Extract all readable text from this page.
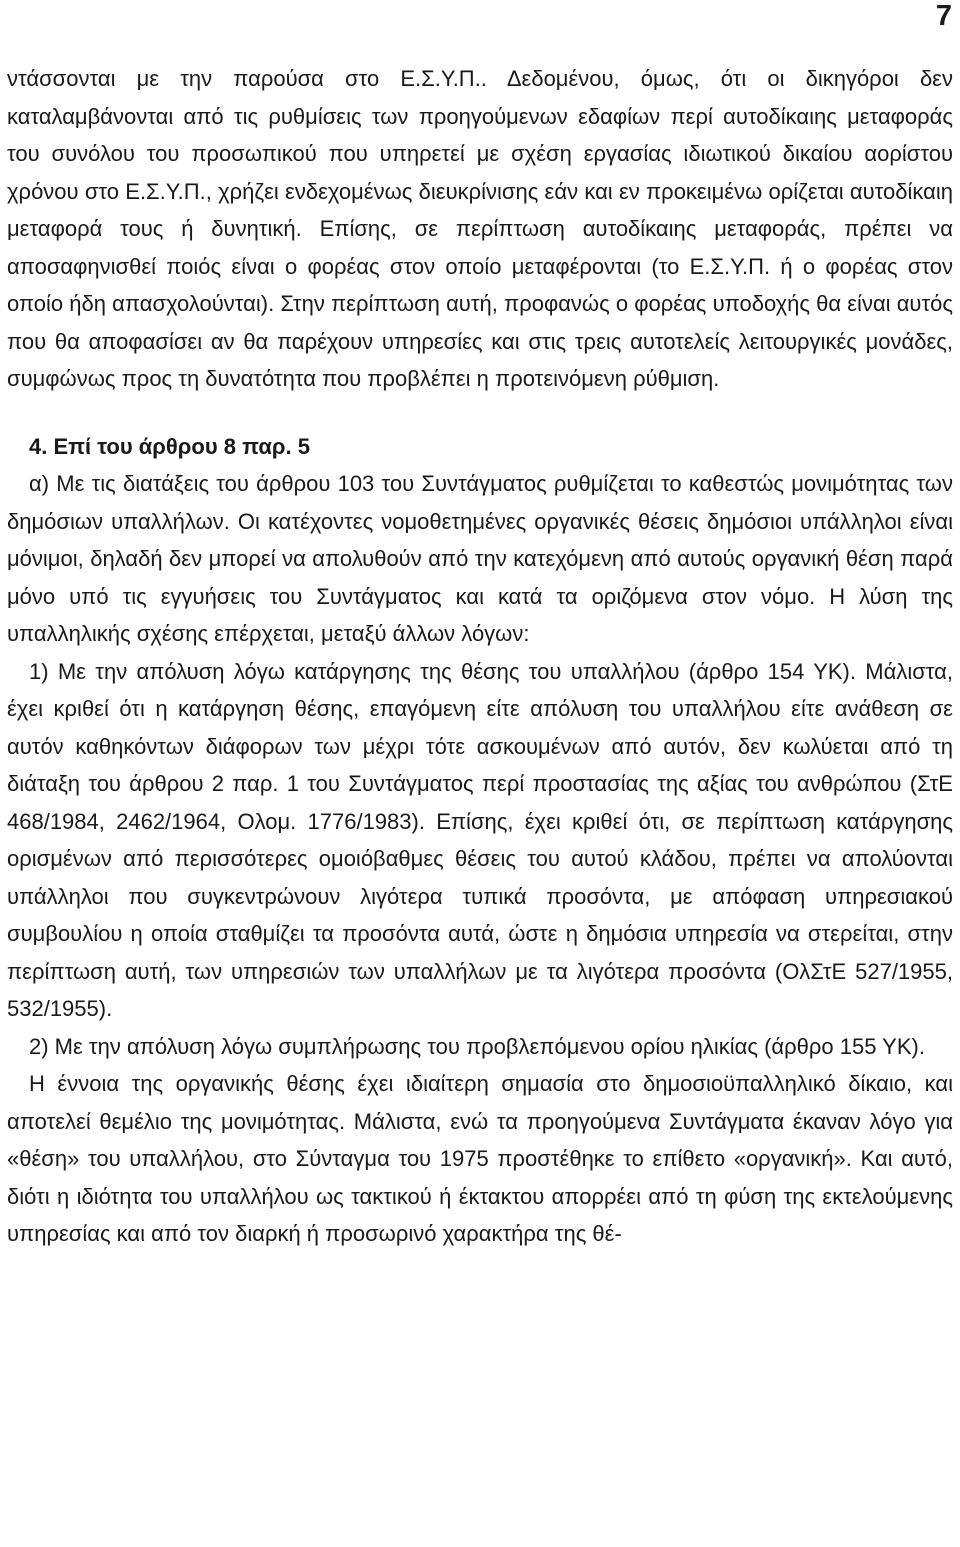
7

ντάσσονται με την παρούσα στο Ε.Σ.Υ.Π.. Δεδομένου, όμως, ότι οι δικηγόροι δεν καταλαμβάνονται από τις ρυθμίσεις των προηγούμενων εδαφίων περί αυτοδίκαιης μεταφοράς του συνόλου του προσωπικού που υπηρετεί με σχέση εργασίας ιδιωτικού δικαίου αορίστου χρόνου στο Ε.Σ.Υ.Π., χρήζει ενδεχομένως διευκρίνισης εάν και εν προκειμένω ορίζεται αυτοδίκαιη μεταφορά τους ή δυνητική. Επίσης, σε περίπτωση αυτοδίκαιης μεταφοράς, πρέπει να αποσαφηνισθεί ποιός είναι ο φορέας στον οποίο μεταφέρονται (το Ε.Σ.Υ.Π. ή ο φορέας στον οποίο ήδη απασχολούνται). Στην περίπτωση αυτή, προφανώς ο φορέας υποδοχής θα είναι αυτός που θα αποφασίσει αν θα παρέχουν υπηρεσίες και στις τρεις αυτοτελείς λειτουργικές μονάδες, συμφώνως προς τη δυνατότητα που προβλέπει η προτεινόμενη ρύθμιση.

4. Επί του άρθρου 8 παρ. 5

α) Με τις διατάξεις του άρθρου 103 του Συντάγματος ρυθμίζεται το καθεστώς μονιμότητας των δημόσιων υπαλλήλων. Οι κατέχοντες νομοθετημένες οργανικές θέσεις δημόσιοι υπάλληλοι είναι μόνιμοι, δηλαδή δεν μπορεί να απολυθούν από την κατεχόμενη από αυτούς οργανική θέση παρά μόνο υπό τις εγγυήσεις του Συντάγματος και κατά τα οριζόμενα στον νόμο. Η λύση της υπαλληλικής σχέσης επέρχεται, μεταξύ άλλων λόγων:

1) Με την απόλυση λόγω κατάργησης της θέσης του υπαλλήλου (άρθρο 154 ΥΚ). Μάλιστα, έχει κριθεί ότι η κατάργηση θέσης, επαγόμενη είτε απόλυση του υπαλλήλου είτε ανάθεση σε αυτόν καθηκόντων διάφορων των μέχρι τότε ασκουμένων από αυτόν, δεν κωλύεται από τη διάταξη του άρθρου 2 παρ. 1 του Συντάγματος περί προστασίας της αξίας του ανθρώπου (ΣτΕ 468/1984, 2462/1964, Ολομ. 1776/1983). Επίσης, έχει κριθεί ότι, σε περίπτωση κατάργησης ορισμένων από περισσότερες ομοιόβαθμες θέσεις του αυτού κλάδου, πρέπει να απολύονται υπάλληλοι που συγκεντρώνουν λιγότερα τυπικά προσόντα, με απόφαση υπηρεσιακού συμβουλίου η οποία σταθμίζει τα προσόντα αυτά, ώστε η δημόσια υπηρεσία να στερείται, στην περίπτωση αυτή, των υπηρεσιών των υπαλλήλων με τα λιγότερα προσόντα (ΟλΣτΕ 527/1955, 532/1955).

2) Με την απόλυση λόγω συμπλήρωσης του προβλεπόμενου ορίου ηλικίας (άρθρο 155 ΥΚ).

Η έννοια της οργανικής θέσης έχει ιδιαίτερη σημασία στο δημοσιοϋπαλληλικό δίκαιο, και αποτελεί θεμέλιο της μονιμότητας. Μάλιστα, ενώ τα προηγούμενα Συντάγματα έκαναν λόγο για «θέση» του υπαλλήλου, στο Σύνταγμα του 1975 προστέθηκε το επίθετο «οργανική». Και αυτό, διότι η ιδιότητα του υπαλλήλου ως τακτικού ή έκτακτου απορρέει από τη φύση της εκτελούμενης υπηρεσίας και από τον διαρκή ή προσωρινό χαρακτήρα της θέ-
